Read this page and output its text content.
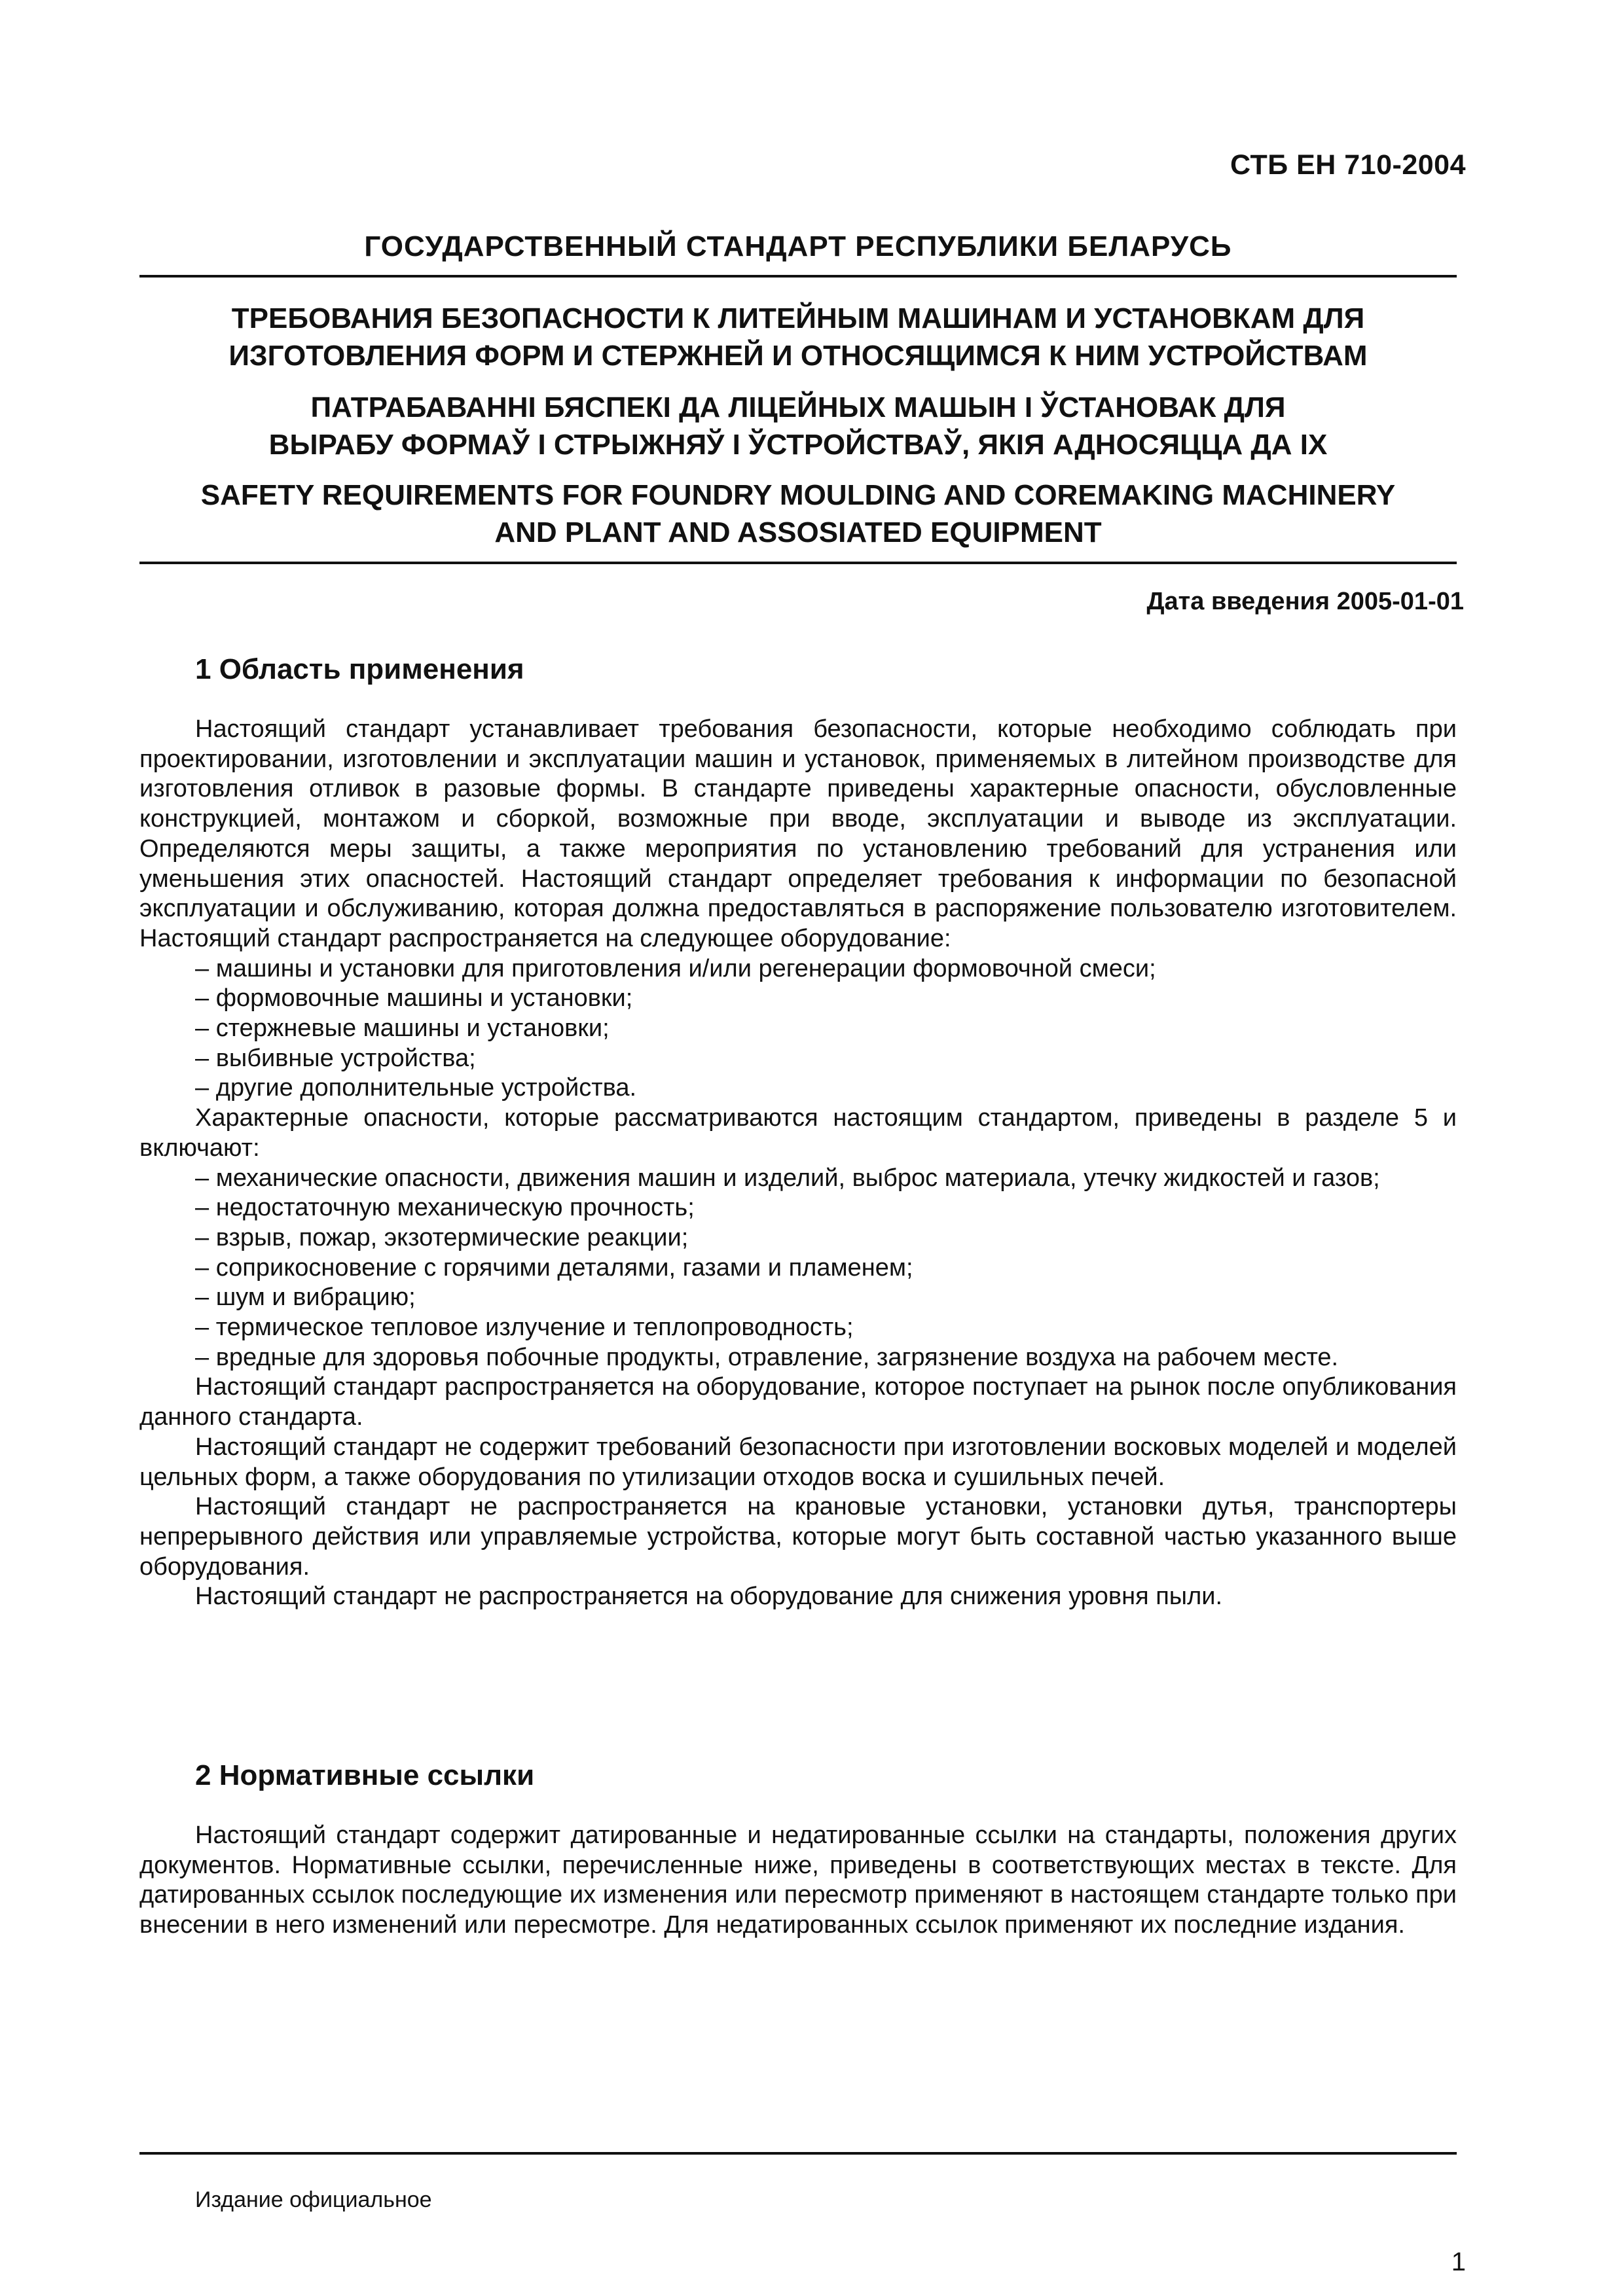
СТБ ЕН 710-2004
ГОСУДАРСТВЕННЫЙ СТАНДАРТ РЕСПУБЛИКИ БЕЛАРУСЬ
ТРЕБОВАНИЯ БЕЗОПАСНОСТИ К ЛИТЕЙНЫМ МАШИНАМ И УСТАНОВКАМ ДЛЯ
ИЗГОТОВЛЕНИЯ ФОРМ И СТЕРЖНЕЙ И ОТНОСЯЩИМСЯ К НИМ УСТРОЙСТВАМ
ПАТРАБАВАННІ БЯСПЕКІ ДА ЛІЦЕЙНЫХ МАШЫН І ЎСТАНОВАК ДЛЯ
ВЫРАБУ ФОРМАЎ І СТРЫЖНЯЎ І ЎСТРОЙСТВАЎ, ЯКІЯ АДНОСЯЦЦА ДА ІХ
SAFETY REQUIREMENTS FOR FOUNDRY MOULDING AND COREMAKING MACHINERY
AND PLANT AND ASSOSIATED EQUIPMENT
Дата введения 2005-01-01
1 Область применения

Настоящий стандарт устанавливает требования безопасности, которые необходимо соблюдать при проектировании, изготовлении и эксплуатации машин и установок, применяемых в литейном производстве для изготовления отливок в разовые формы. В стандарте приведены характерные опасности, обусловленные конструкцией, монтажом и сборкой, возможные при вводе, эксплуатации и выводе из эксплуатации. Определяются меры защиты, а также мероприятия по установлению требований для устранения или уменьшения этих опасностей. Настоящий стандарт определяет требования к информации по безопасной эксплуатации и обслуживанию, которая должна предоставляться в распоряжение пользователю изготовителем. Настоящий стандарт распространяется на следующее оборудование:

– машины и установки для приготовления и/или регенерации формовочной смеси;

– формовочные машины и установки;

– стержневые машины и установки;

– выбивные устройства;

– другие дополнительные устройства.

Характерные опасности, которые рассматриваются настоящим стандартом, приведены в разделе 5 и включают:

– механические опасности, движения машин и изделий, выброс материала, утечку жидкостей и газов;

– недостаточную механическую прочность;

– взрыв, пожар, экзотермические реакции;

– соприкосновение с горячими деталями, газами и пламенем;

– шум и вибрацию;

– термическое тепловое излучение и теплопроводность;

– вредные для здоровья побочные продукты, отравление, загрязнение воздуха на рабочем месте.

Настоящий стандарт распространяется на оборудование, которое поступает на рынок после опубликования данного стандарта.

Настоящий стандарт не содержит требований безопасности при изготовлении восковых моделей и моделей цельных форм, а также оборудования по утилизации отходов воска и сушильных печей.

Настоящий стандарт не распространяется на крановые установки, установки дутья, транспортеры непрерывного действия или управляемые устройства, которые могут быть составной частью указанного выше оборудования.

Настоящий стандарт не распространяется на оборудование для снижения уровня пыли.

2 Нормативные ссылки

Настоящий стандарт содержит датированные и недатированные ссылки на стандарты, положения других документов. Нормативные ссылки, перечисленные ниже, приведены в соответствующих местах в тексте. Для датированных ссылок последующие их изменения или пересмотр применяют в настоящем стандарте только при внесении в него изменений или пересмотре. Для недатированных ссылок применяют их последние издания.

Издание официальное
1
